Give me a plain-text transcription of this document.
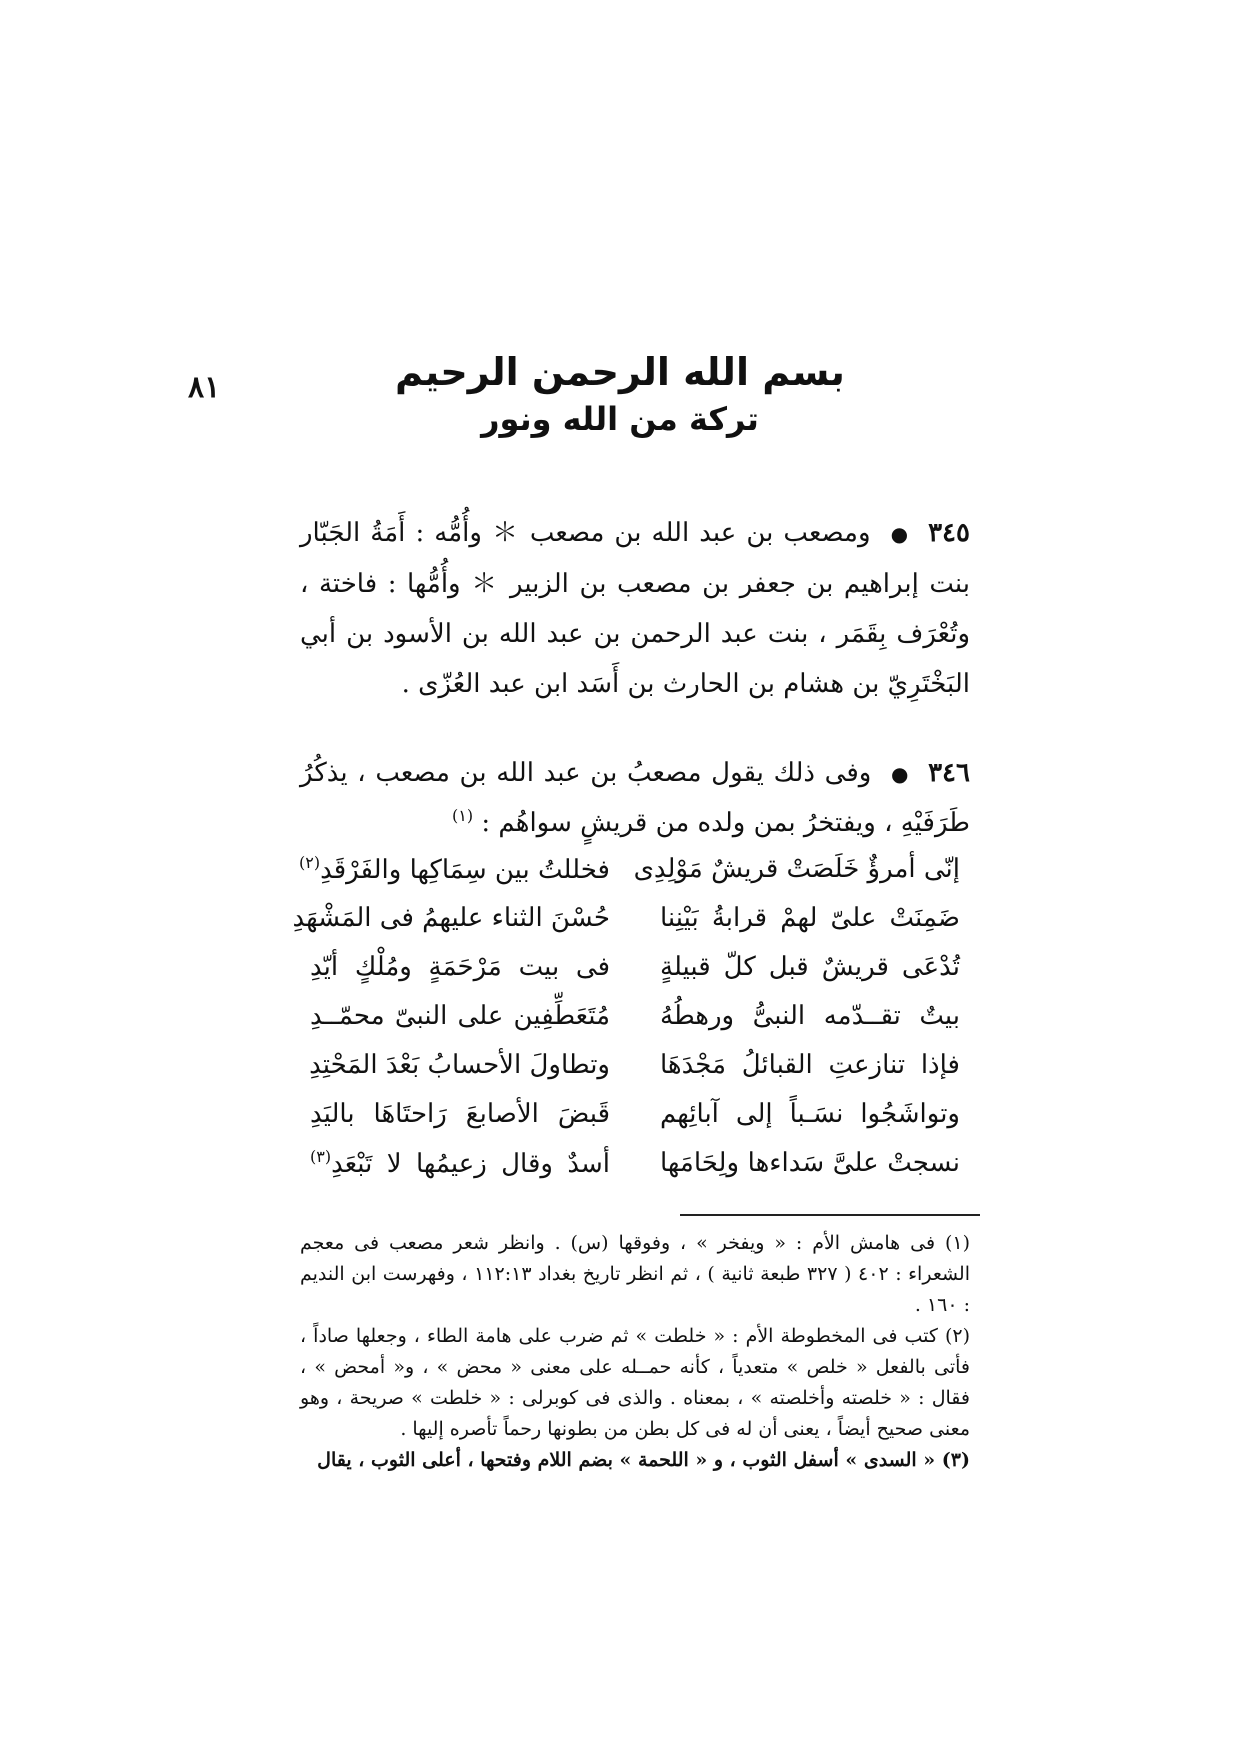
٨١	بسم الله الرحمن الرحيم
تركة من الله ونور
٣٤٥ ● ومصعب بن عبد الله بن مصعب ＊ وأُمُّه : أَمَةُ الجَبّار بنت إبراهيم بن جعفر بن مصعب بن الزبير ＊ وأُمُّها : فاختة ، وتُعْرَف بِقَمَر ، بنت عبد الرحمن بن عبد الله بن الأسود بن أبي البَخْتَرِيّ بن هشام بن الحارث بن أَسَد ابن عبد العُزّى .
٣٤٦ ● وفى ذلك يقول مصعبُ بن عبد الله بن مصعب ، يذكُرُ طَرَفَيْهِ ، ويفتخرُ بمن ولده من قريشٍ سواهُم : $^{(١)}$
إنّى أمرؤٌ خَلَصَتْ قريشٌ مَوْلِدِى
فخللتُ بين سِمَاكِها والفَرْقَدِ$^{(٢)}$
ضَمِنَتْ علىّ لهمْ قرابةُ بَيْنِنا
حُسْنَ الثناء عليهمُ فى المَشْهَدِ
تُدْعَى قريشٌ قبل كلّ قبيلةٍ
فى بيت مَرْحَمَةٍ ومُلْكٍ أيّدِ
بيتٌ تقــدّمه النبىُّ ورهطُهُ
مُتَعَطِّفِين على النبىّ محمّــدِ
فإذا تنازعتِ القبائلُ مَجْدَهَا
وتطاولَ الأحسابُ بَعْدَ المَحْتِدِ
وتواشَجُوا نسَـباً إلى آبائِهم
قَبضَ الأصابعَ رَاحتَاهَا باليَدِ
نسجتْ علىَّ سَداءها ولِحَامَها
أسدٌ وقال زعيمُها لا تَبْعَدِ$^{(٣)}$

(١) فى هامش الأم : « ويفخر » ، وفوقها (س) . وانظر شعر مصعب فى معجم الشعراء : ٤٠٢ ( ٣٢٧ طبعة ثانية ) ، ثم انظر تاريخ بغداد ١١٢:١٣ ، وفهرست ابن النديم : ١٦٠ .

(٢) كتب فى المخطوطة الأم : « خلطت » ثم ضرب على هامة الطاء ، وجعلها صاداً ، فأتى بالفعل « خلص » متعدياً ، كأنه حمــله على معنى « محض » ، و« أمحض » ، فقال : « خلصته وأخلصته » ، بمعناه . والذى فى كوبرلى : « خلطت » صريحة ، وهو معنى صحيح أيضاً ، يعنى أن له فى كل بطن من بطونها رحماً تأصره إليها .

(٣) « السدى » أسفل الثوب ، و « اللحمة » بضم اللام وفتحها ، أعلى الثوب ، يقال
